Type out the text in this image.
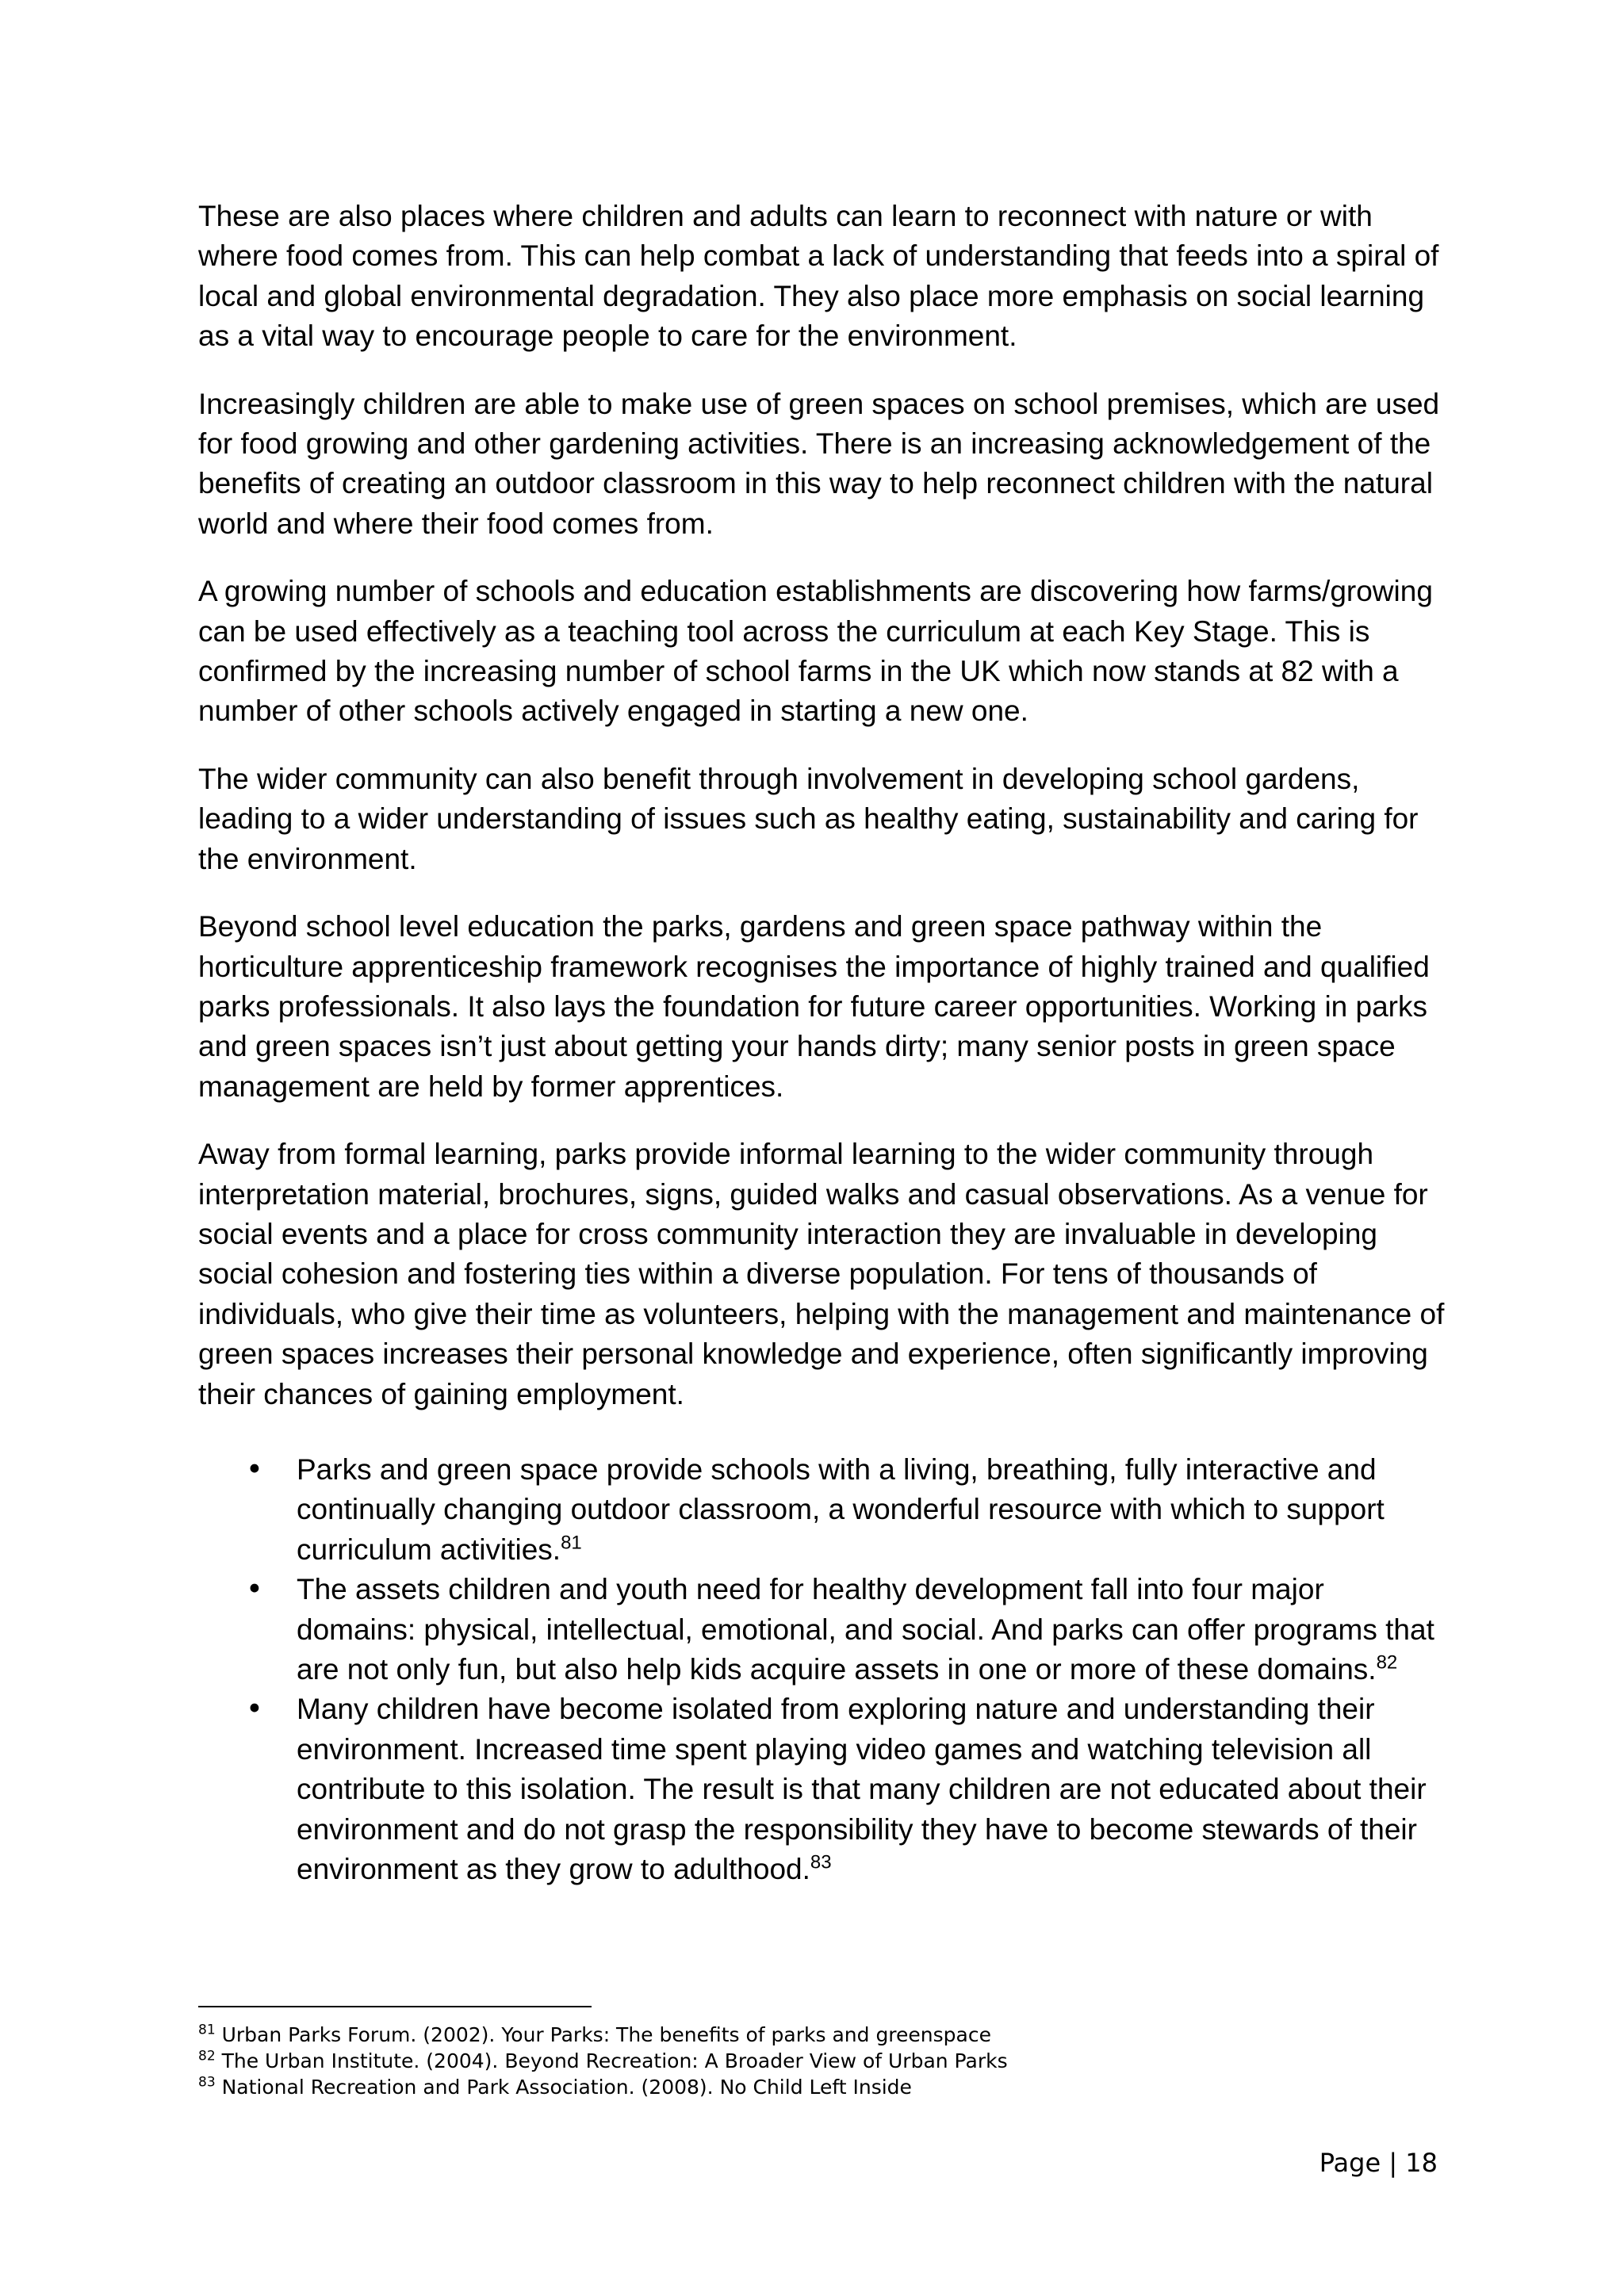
These are also places where children and adults can learn to reconnect with nature or with where food comes from. This can help combat a lack of understanding that feeds into a spiral of local and global environmental degradation. They also place more emphasis on social learning as a vital way to encourage people to care for the environment.

Increasingly children are able to make use of green spaces on school premises, which are used for food growing and other gardening activities. There is an increasing acknowledgement of the benefits of creating an outdoor classroom in this way to help reconnect children with the natural world and where their food comes from.

A growing number of schools and education establishments are discovering how farms/growing can be used effectively as a teaching tool across the curriculum at each Key Stage. This is confirmed by the increasing number of school farms in the UK which now stands at 82 with a number of other schools actively engaged in starting a new one.

The wider community can also benefit through involvement in developing school gardens, leading to a wider understanding of issues such as healthy eating, sustainability and caring for the environment.

Beyond school level education the parks, gardens and green space pathway within the horticulture apprenticeship framework recognises the importance of highly trained and qualified parks professionals. It also lays the foundation for future career opportunities. Working in parks and green spaces isn’t just about getting your hands dirty; many senior posts in green space management are held by former apprentices.

Away from formal learning, parks provide informal learning to the wider community through interpretation material, brochures, signs, guided walks and casual observations. As a venue for social events and a place for cross community interaction they are invaluable in developing social cohesion and fostering ties within a diverse population. For tens of thousands of individuals, who give their time as volunteers, helping with the management and maintenance of green spaces increases their personal knowledge and experience, often significantly improving their chances of gaining employment.

• Parks and green space provide schools with a living, breathing, fully interactive and continually changing outdoor classroom, a wonderful resource with which to support curriculum activities.$^{81}$
• The assets children and youth need for healthy development fall into four major domains: physical, intellectual, emotional, and social. And parks can offer programs that are not only fun, but also help kids acquire assets in one or more of these domains.$^{82}$
• Many children have become isolated from exploring nature and understanding their environment. Increased time spent playing video games and watching television all contribute to this isolation. The result is that many children are not educated about their environment and do not grasp the responsibility they have to become stewards of their environment as they grow to adulthood.$^{83}$

$^{81}$ Urban Parks Forum. (2002). Your Parks: The benefits of parks and greenspace

$^{82}$ The Urban Institute. (2004). Beyond Recreation: A Broader View of Urban Parks

$^{83}$ National Recreation and Park Association. (2008). No Child Left Inside

Page | 18
